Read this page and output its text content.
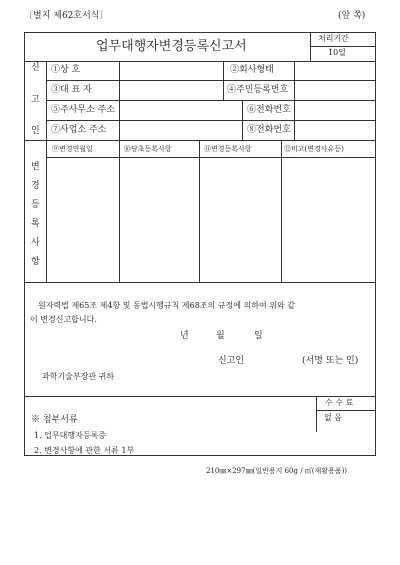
〔별지 제62호서식〕	(앞 쪽)
업무대행자변경등록신고서
처리기간
10일
신
고
인
①상 호	②회사형태
③대 표 자	④주민등록번호
⑤주사무소 주소	⑥전화번호
⑦사업소 주소	⑧전화번호
변
경
등
록
사
항
⑨변경연월일	⑩당초등록사항	⑪변경등록사항	⑫비고(변경사유등)
원자력법 제65조 제4항 및 동법시행규칙 제68조의 규정에 의하여 위와 같
이 변경신고합니다.
년	월	일
신고인	(서명 또는 인)
과학기술부장관 귀하
수 수 료
없 음
※ 첨부서류
1. 업무대행자등록증
2. 변경사항에 관한 서류 1부
210㎜×297㎜(일반용지 60g / ㎡(재활용품))
